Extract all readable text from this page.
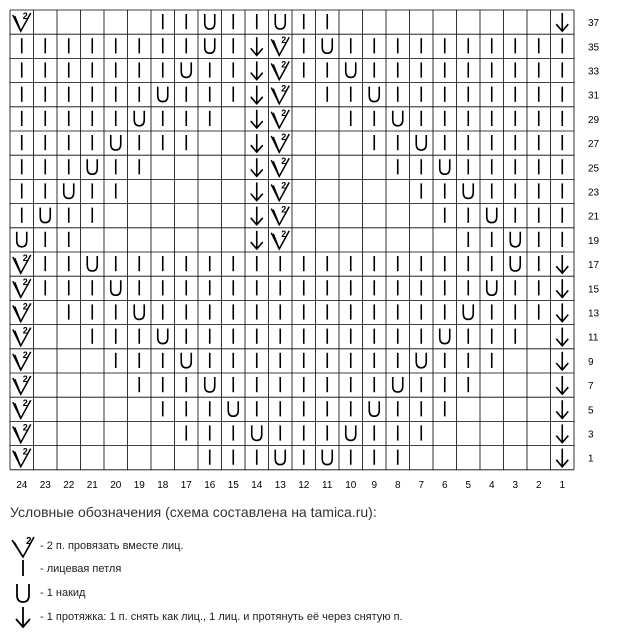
2
2
2
2
2
2
2
2
2
2
2
2
2
2
2
2
2
2
2
37
35
33
31
29
27
25
23
21
19
17
15
13
11
9
7
5
3
1
24 23 22 21 20 19 18 17 16 15 14 13 12 11 10 9 8 7 6 5 4 3 2 1
Условные обозначения (схема составлена на tamica.ru):
2 - 2 п. провязать вместе лиц.
- лицевая петля
- 1 накид
- 1 протяжка: 1 п. снять как лиц., 1 лиц. и протянуть её через снятую п.
